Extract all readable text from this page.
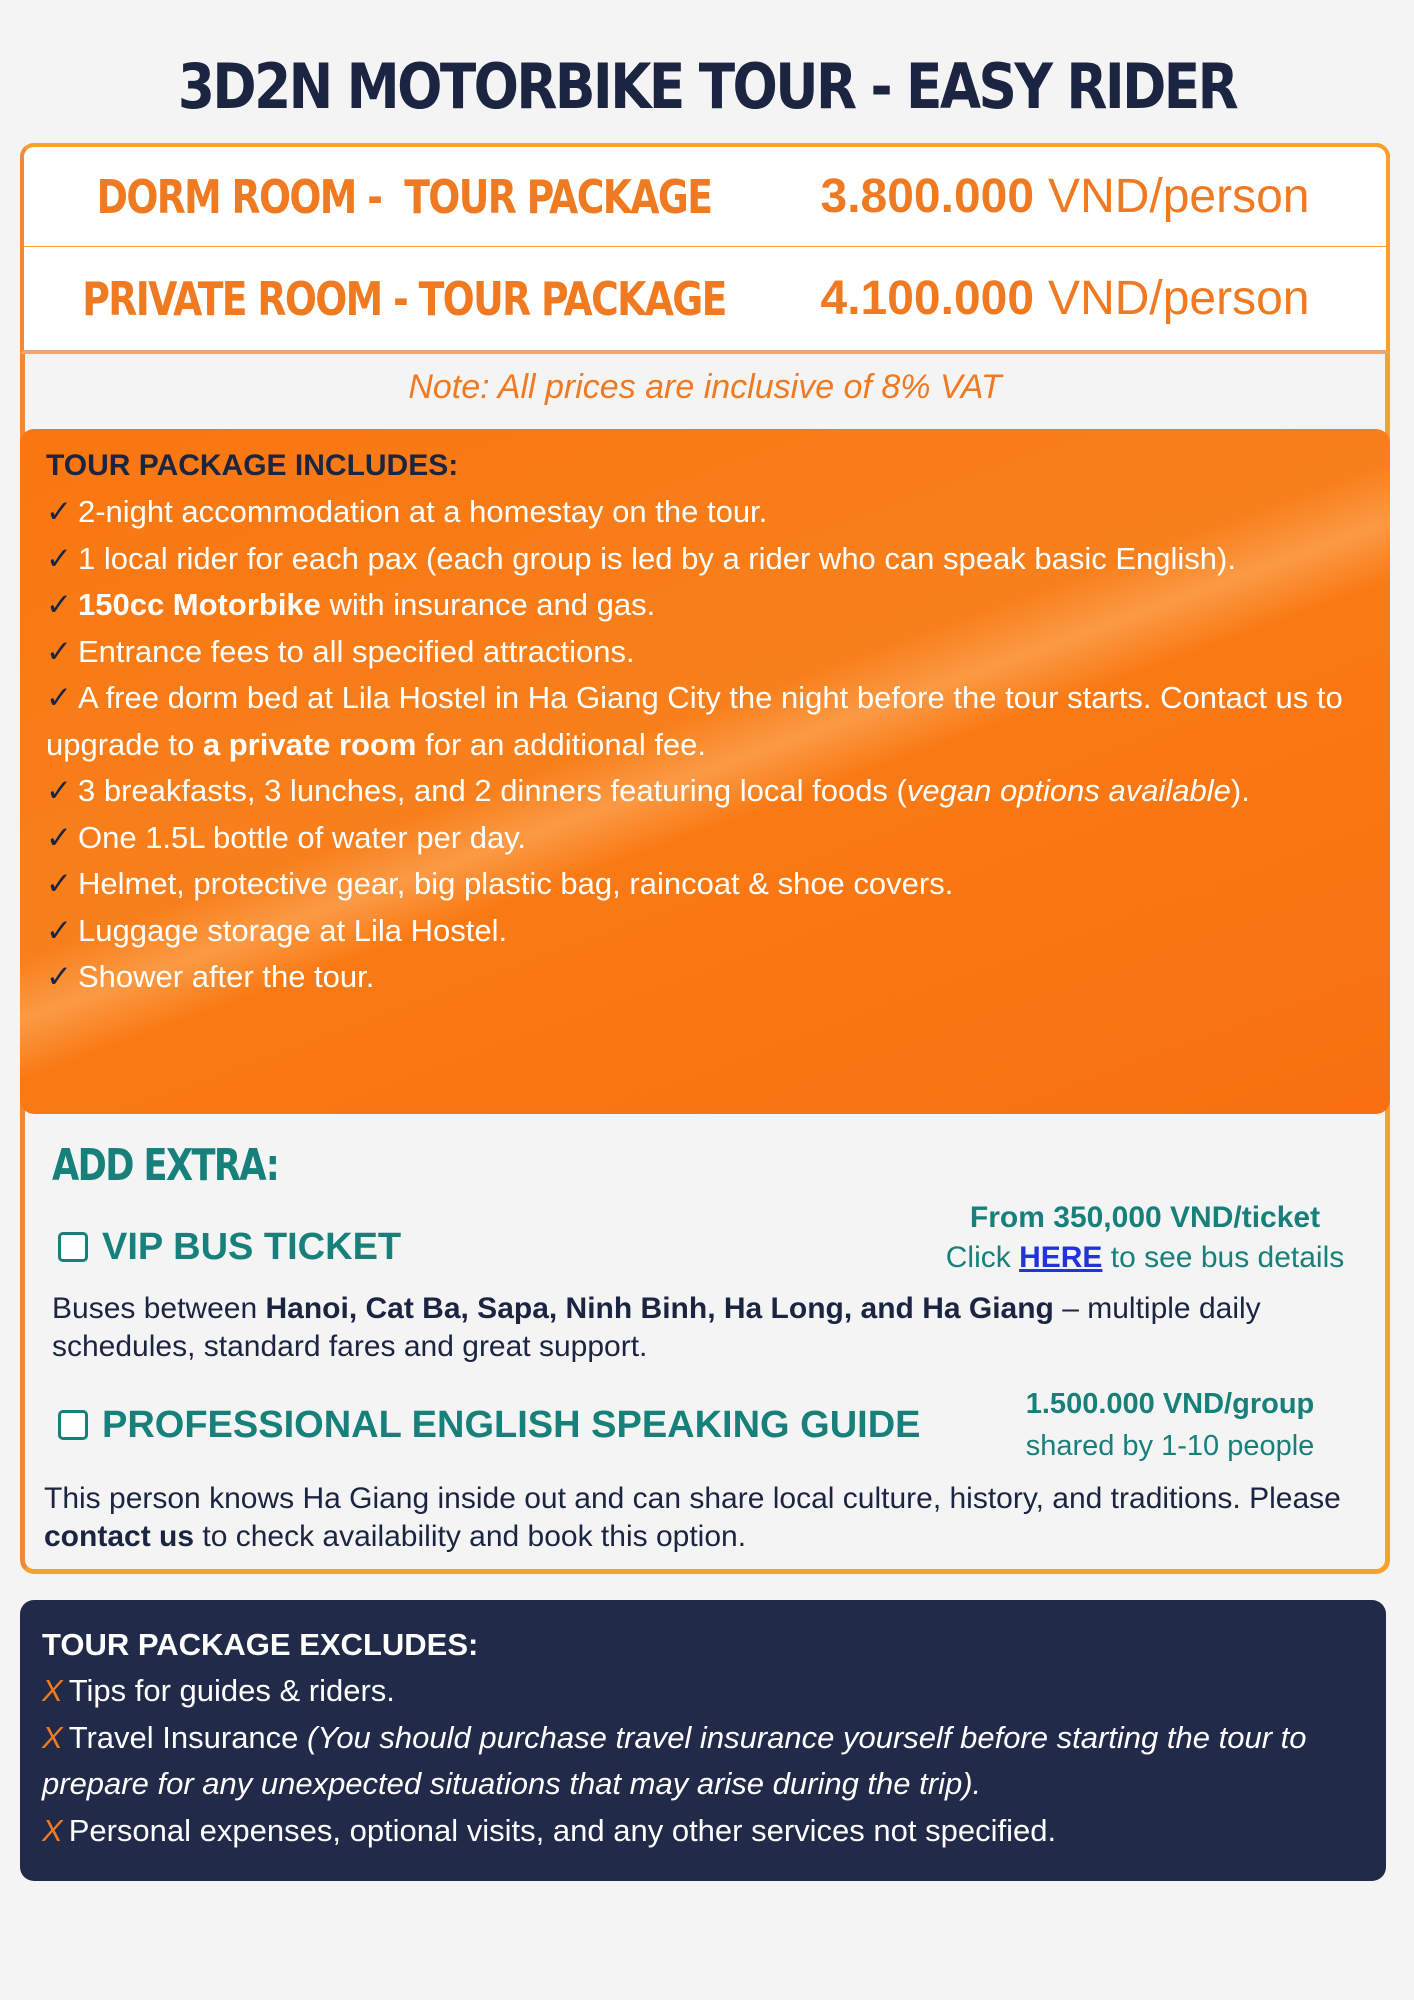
3D2N MOTORBIKE TOUR - EASY RIDER
DORM ROOM -  TOUR PACKAGE 3.800.000 VND/person
PRIVATE ROOM - TOUR PACKAGE 4.100.000 VND/person
Note: All prices are inclusive of 8% VAT
TOUR PACKAGE INCLUDES:
✓ 2-night accommodation at a homestay on the tour.
✓ 1 local rider for each pax (each group is led by a rider who can speak basic English).
✓ 150cc Motorbike with insurance and gas.
✓ Entrance fees to all specified attractions.
✓ A free dorm bed at Lila Hostel in Ha Giang City the night before the tour starts. Contact us to upgrade to a private room for an additional fee.
✓ 3 breakfasts, 3 lunches, and 2 dinners featuring local foods (vegan options available).
✓ One 1.5L bottle of water per day.
✓ Helmet, protective gear, big plastic bag, raincoat & shoe covers.
✓ Luggage storage at Lila Hostel.
✓ Shower after the tour.
ADD EXTRA:
VIP BUS TICKET
From 350,000 VND/ticket
Click HERE to see bus details
Buses between Hanoi, Cat Ba, Sapa, Ninh Binh, Ha Long, and Ha Giang – multiple daily schedules, standard fares and great support.
PROFESSIONAL ENGLISH SPEAKING GUIDE	1.500.000 VND/group
shared by 1-10 people
This person knows Ha Giang inside out and can share local culture, history, and traditions. Please contact us to check availability and book this option.
TOUR PACKAGE EXCLUDES:
X Tips for guides & riders.
X Travel Insurance (You should purchase travel insurance yourself before starting the tour to prepare for any unexpected situations that may arise during the trip).
X Personal expenses, optional visits, and any other services not specified.
